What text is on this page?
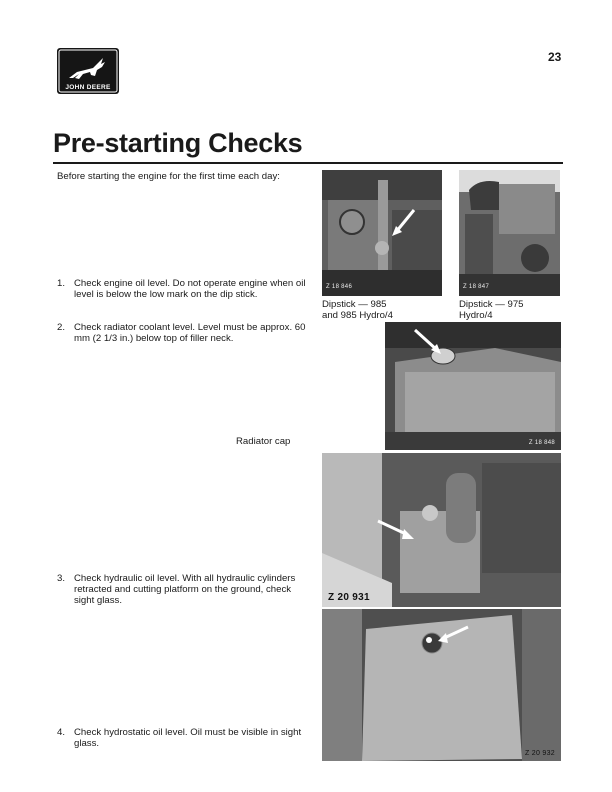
JOHN DEERE
23
Pre-starting Checks
Before starting the engine for the first time each day:
1. Check engine oil level. Do not operate engine when oil level is below the low mark on the dip stick.
2. Check radiator coolant level. Level must be approx. 60 mm (2 1/3 in.) below top of filler neck.
3. Check hydraulic oil level. With all hydraulic cylinders retracted and cutting platform on the ground, check sight glass.
4. Check hydrostatic oil level. Oil must be visible in sight glass.
Radiator cap
Z 18 846
Dipstick — 985
and 985 Hydro/4
Z 18 847
Dipstick — 975
Hydro/4
Z 18 848
Z 20 931
Z 20 932
